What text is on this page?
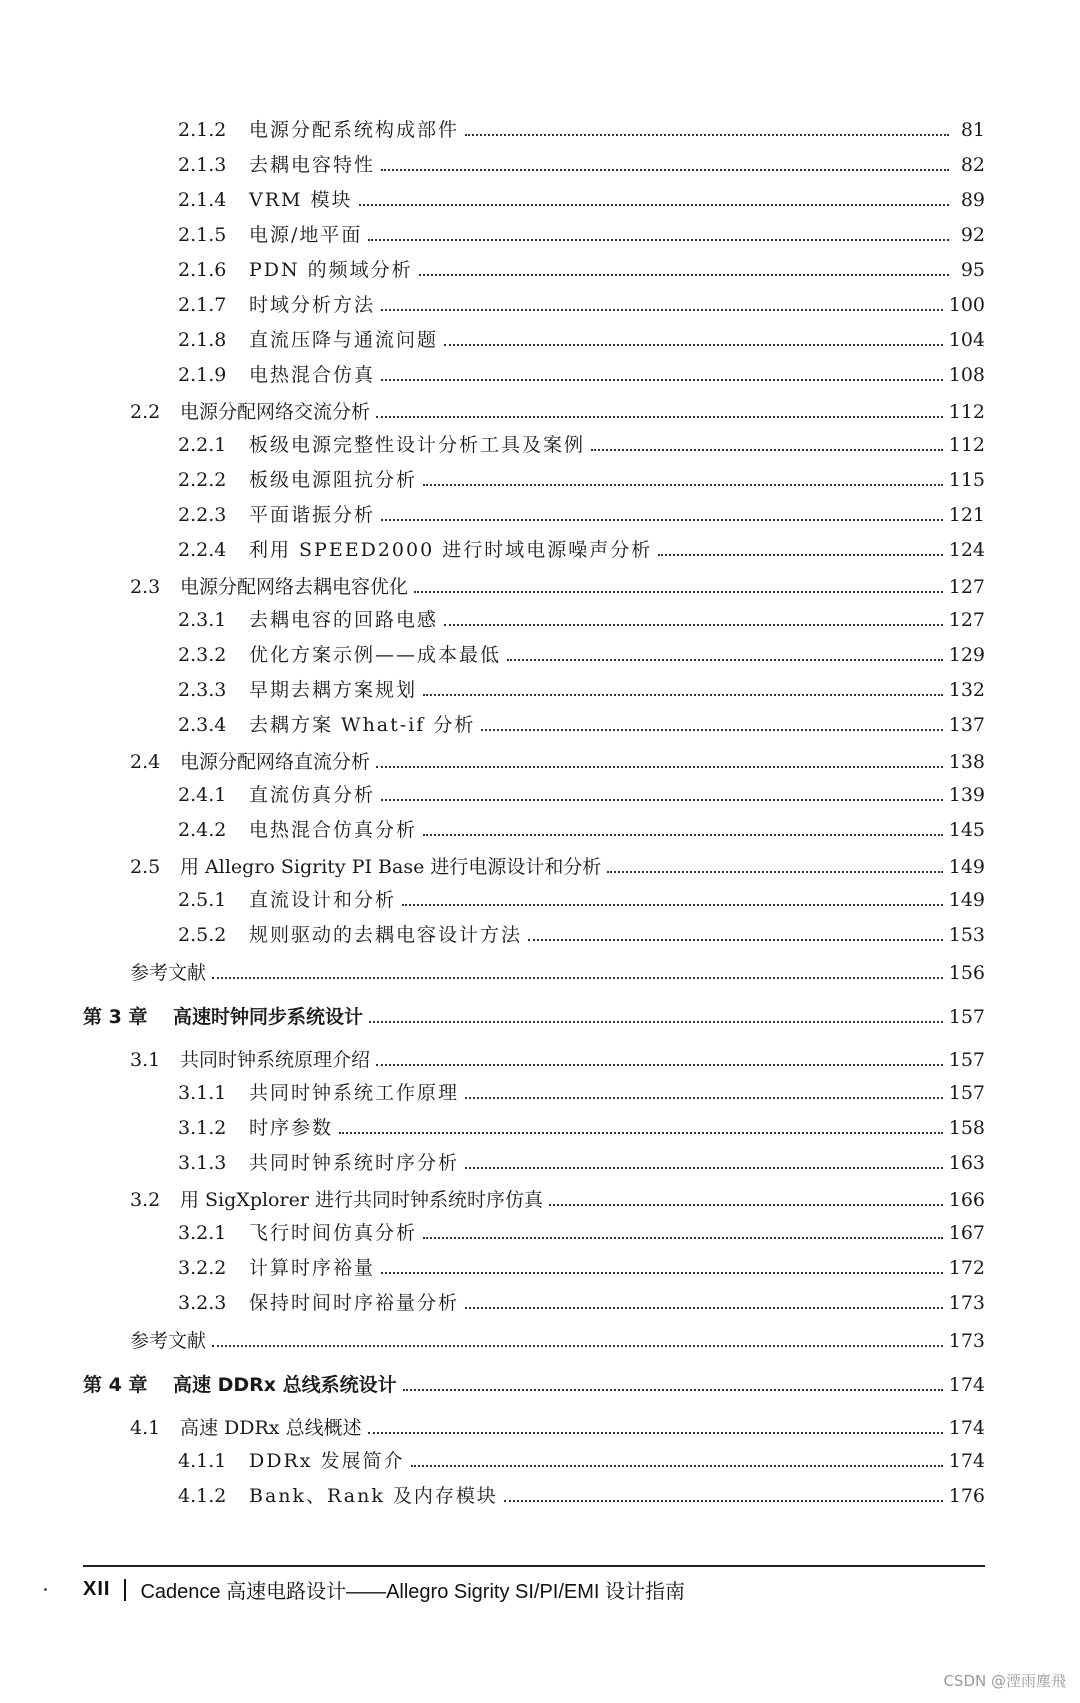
2.1.2	电源分配系统构成部件	81
2.1.3	去耦电容特性	82
2.1.4	VRM 模块	89
2.1.5	电源/地平面	92
2.1.6	PDN 的频域分析	95
2.1.7	时域分析方法	100
2.1.8	直流压降与通流问题	104
2.1.9	电热混合仿真	108
2.2	电源分配网络交流分析	112
2.2.1	板级电源完整性设计分析工具及案例	112
2.2.2	板级电源阻抗分析	115
2.2.3	平面谐振分析	121
2.2.4	利用 SPEED2000 进行时域电源噪声分析	124
2.3	电源分配网络去耦电容优化	127
2.3.1	去耦电容的回路电感	127
2.3.2	优化方案示例——成本最低	129
2.3.3	早期去耦方案规划	132
2.3.4	去耦方案 What-if 分析	137
2.4	电源分配网络直流分析	138
2.4.1	直流仿真分析	139
2.4.2	电热混合仿真分析	145
2.5	用 Allegro Sigrity PI Base 进行电源设计和分析	149
2.5.1	直流设计和分析	149
2.5.2	规则驱动的去耦电容设计方法	153
参考文献	156
第 3 章	高速时钟同步系统设计	157
3.1	共同时钟系统原理介绍	157
3.1.1	共同时钟系统工作原理	157
3.1.2	时序参数	158
3.1.3	共同时钟系统时序分析	163
3.2	用 SigXplorer 进行共同时钟系统时序仿真	166
3.2.1	飞行时间仿真分析	167
3.2.2	计算时序裕量	172
3.2.3	保持时间时序裕量分析	173
参考文献	173
第 4 章	高速 DDRx 总线系统设计	174
4.1	高速 DDRx 总线概述	174
4.1.1	DDRx 发展简介	174
4.1.2	Bank、Rank 及内存模块	176
XII Cadence 高速电路设计——Allegro Sigrity SI/PI/EMI 设计指南
CSDN @湮雨塵飛
